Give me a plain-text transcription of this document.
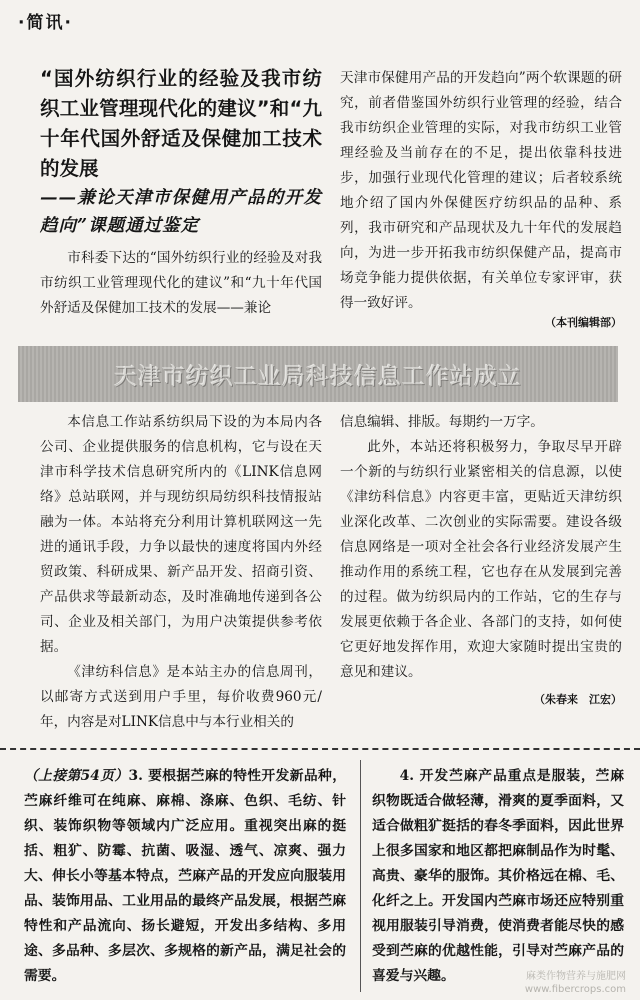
·简讯·

“国外纺织行业的经验及我市纺织工业管理现代化的建议”和“九十年代国外舒适及保健加工技术的发展

——兼论天津市保健用产品的开发趋向”课题通过鉴定

市科委下达的“国外纺织行业的经验及对我市纺织工业管理现代化的建议”和“九十年代国外舒适及保健加工技术的发展——兼论

天津市保健用产品的开发趋向”两个软课题的研究，前者借鉴国外纺织行业管理的经验，结合我市纺织企业管理的实际，对我市纺织工业管理经验及当前存在的不足，提出依靠科技进步，加强行业现代化管理的建议；后者较系统地介绍了国内外保健医疗纺织品的品种、系列，我市研究和产品现状及九十年代的发展趋向，为进一步开拓我市纺织保健产品，提高市场竞争能力提供依据，有关单位专家评审，获得一致好评。

（本刊编辑部）

天津市纺织工业局科技信息工作站成立

本信息工作站系纺织局下设的为本局内各公司、企业提供服务的信息机构，它与设在天津市科学技术信息研究所内的《LINK信息网络》总站联网，并与现纺织局纺织科技情报站融为一体。本站将充分利用计算机联网这一先进的通讯手段，力争以最快的速度将国内外经贸政策、科研成果、新产品开发、招商引资、产品供求等最新动态，及时准确地传递到各公司、企业及相关部门，为用户决策提供参考依据。

《津纺科信息》是本站主办的信息周刊，以邮寄方式送到用户手里，每价收费960元/年，内容是对LINK信息中与本行业相关的

信息编辑、排版。每期约一万字。

此外，本站还将积极努力，争取尽早开辟一个新的与纺织行业紧密相关的信息源，以使《津纺科信息》内容更丰富，更贴近天津纺织业深化改革、二次创业的实际需要。建设各级信息网络是一项对全社会各行业经济发展产生推动作用的系统工程，它也存在从发展到完善的过程。做为纺织局内的工作站，它的生存与发展更依赖于各企业、各部门的支持，如何使它更好地发挥作用，欢迎大家随时提出宝贵的意见和建议。

（朱春来　江宏）

（上接第54页）3. 要根据苎麻的特性开发新品种，苎麻纤维可在纯麻、麻棉、涤麻、色织、毛纺、针织、装饰织物等领域内广泛应用。重视突出麻的挺括、粗犷、防霉、抗菌、吸湿、透气、凉爽、强力大、伸长小等基本特点，苎麻产品的开发应向服装用品、装饰用品、工业用品的最终产品发展，根据苎麻特性和产品流向、扬长避短，开发出多结构、多用途、多品种、多层次、多规格的新产品，满足社会的需要。

4. 开发苎麻产品重点是服装，苎麻织物既适合做轻薄，滑爽的夏季面料，又适合做粗犷挺括的春冬季面料，因此世界上很多国家和地区都把麻制品作为时髦、高贵、豪华的服饰。其价格远在棉、毛、化纤之上。开发国内苎麻市场还应特别重视用服装引导消费，使消费者能尽快的感受到苎麻的优越性能，引导对苎麻产品的喜爱与兴趣。	麻类作物营养与施肥网
www.fibercrops.com
